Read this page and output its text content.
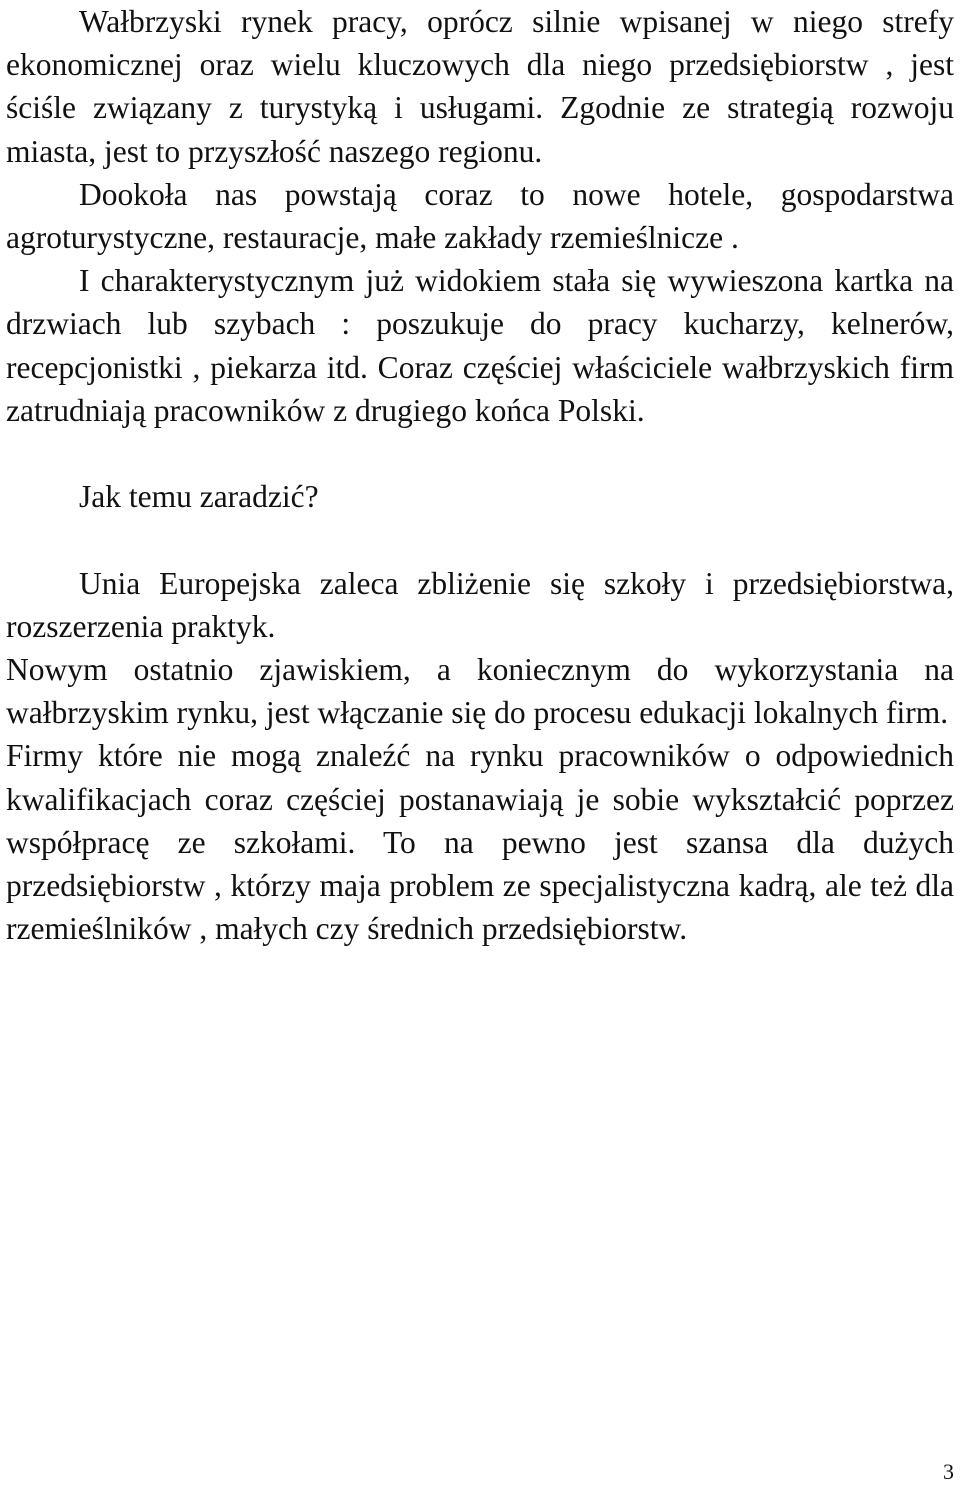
Wałbrzyski rynek pracy, oprócz silnie wpisanej w niego strefy ekonomicznej oraz wielu kluczowych dla niego przedsiębiorstw , jest ściśle związany z turystyką i usługami. Zgodnie ze strategią rozwoju miasta, jest to przyszłość naszego regionu.

Dookoła nas powstają coraz to nowe hotele, gospodarstwa agroturystyczne, restauracje, małe zakłady rzemieślnicze .

I charakterystycznym już widokiem stała się wywieszona kartka na drzwiach lub szybach : poszukuje do pracy kucharzy, kelnerów, recepcjonistki , piekarza itd. Coraz częściej właściciele wałbrzyskich firm zatrudniają pracowników z drugiego końca Polski.

Jak temu zaradzić?

Unia Europejska zaleca zbliżenie się szkoły i przedsiębiorstwa, rozszerzenia praktyk.

Nowym ostatnio zjawiskiem, a koniecznym do wykorzystania na wałbrzyskim rynku, jest włączanie się do procesu edukacji lokalnych firm.

Firmy które nie mogą znaleźć na rynku pracowników o odpowiednich kwalifikacjach coraz częściej postanawiają je sobie wykształcić poprzez współpracę ze szkołami. To na pewno jest szansa dla dużych przedsiębiorstw , którzy maja problem ze specjalistyczna kadrą, ale też dla rzemieślników , małych czy średnich przedsiębiorstw.

3
